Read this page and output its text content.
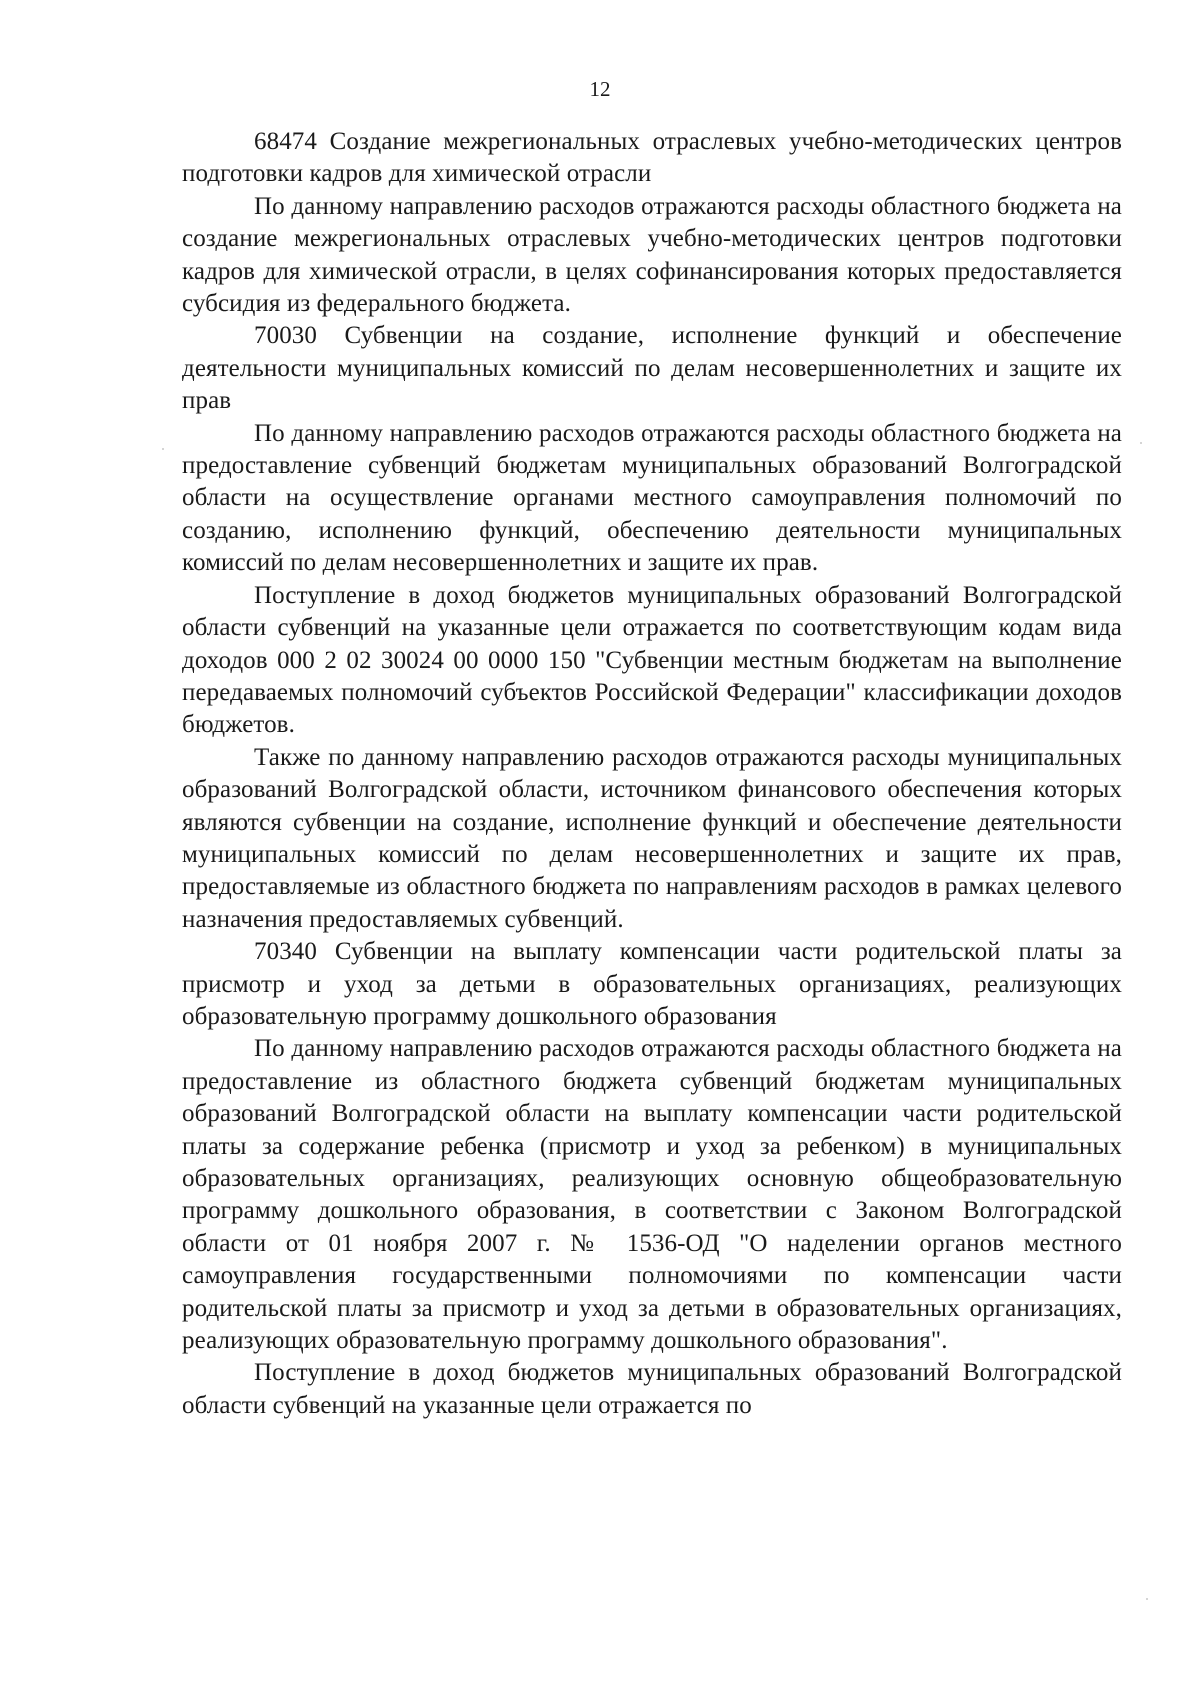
12

68474 Создание межрегиональных отраслевых учебно-методических центров подготовки кадров для химической отрасли

По данному направлению расходов отражаются расходы областного бюджета на создание межрегиональных отраслевых учебно-методических центров подготовки кадров для химической отрасли, в целях софинансирования которых предоставляется субсидия из федерального бюджета.

70030 Субвенции на создание, исполнение функций и обеспечение деятельности муниципальных комиссий по делам несовершеннолетних и защите их прав

По данному направлению расходов отражаются расходы областного бюджета на предоставление субвенций бюджетам муниципальных образований Волгоградской области на осуществление органами местного самоуправления полномочий по созданию, исполнению функций, обеспечению деятельности муниципальных комиссий по делам несовершеннолетних и защите их прав.

Поступление в доход бюджетов муниципальных образований Волгоградской области субвенций на указанные цели отражается по соответствующим кодам вида доходов 000 2 02 30024 00 0000 150 "Субвенции местным бюджетам на выполнение передаваемых полномочий субъектов Российской Федерации" классификации доходов бюджетов.

Также по данному направлению расходов отражаются расходы муниципальных образований Волгоградской области, источником финансового обеспечения которых являются субвенции на создание, исполнение функций и обеспечение деятельности муниципальных комиссий по делам несовершеннолетних и защите их прав, предоставляемые из областного бюджета по направлениям расходов в рамках целевого назначения предоставляемых субвенций.

70340 Субвенции на выплату компенсации части родительской платы за присмотр и уход за детьми в образовательных организациях, реализующих образовательную программу дошкольного образования

По данному направлению расходов отражаются расходы областного бюджета на предоставление из областного бюджета субвенций бюджетам муниципальных образований Волгоградской области на выплату компенсации части родительской платы за содержание ребенка (присмотр и уход за ребенком) в муниципальных образовательных организациях, реализующих основную общеобразовательную программу дошкольного образования, в соответствии с Законом Волгоградской области от 01 ноября 2007 г. № 1536-ОД "О наделении органов местного самоуправления государственными полномочиями по компенсации части родительской платы за присмотр и уход за детьми в образовательных организациях, реализующих образовательную программу дошкольного образования".

Поступление в доход бюджетов муниципальных образований Волгоградской области субвенций на указанные цели отражается по
